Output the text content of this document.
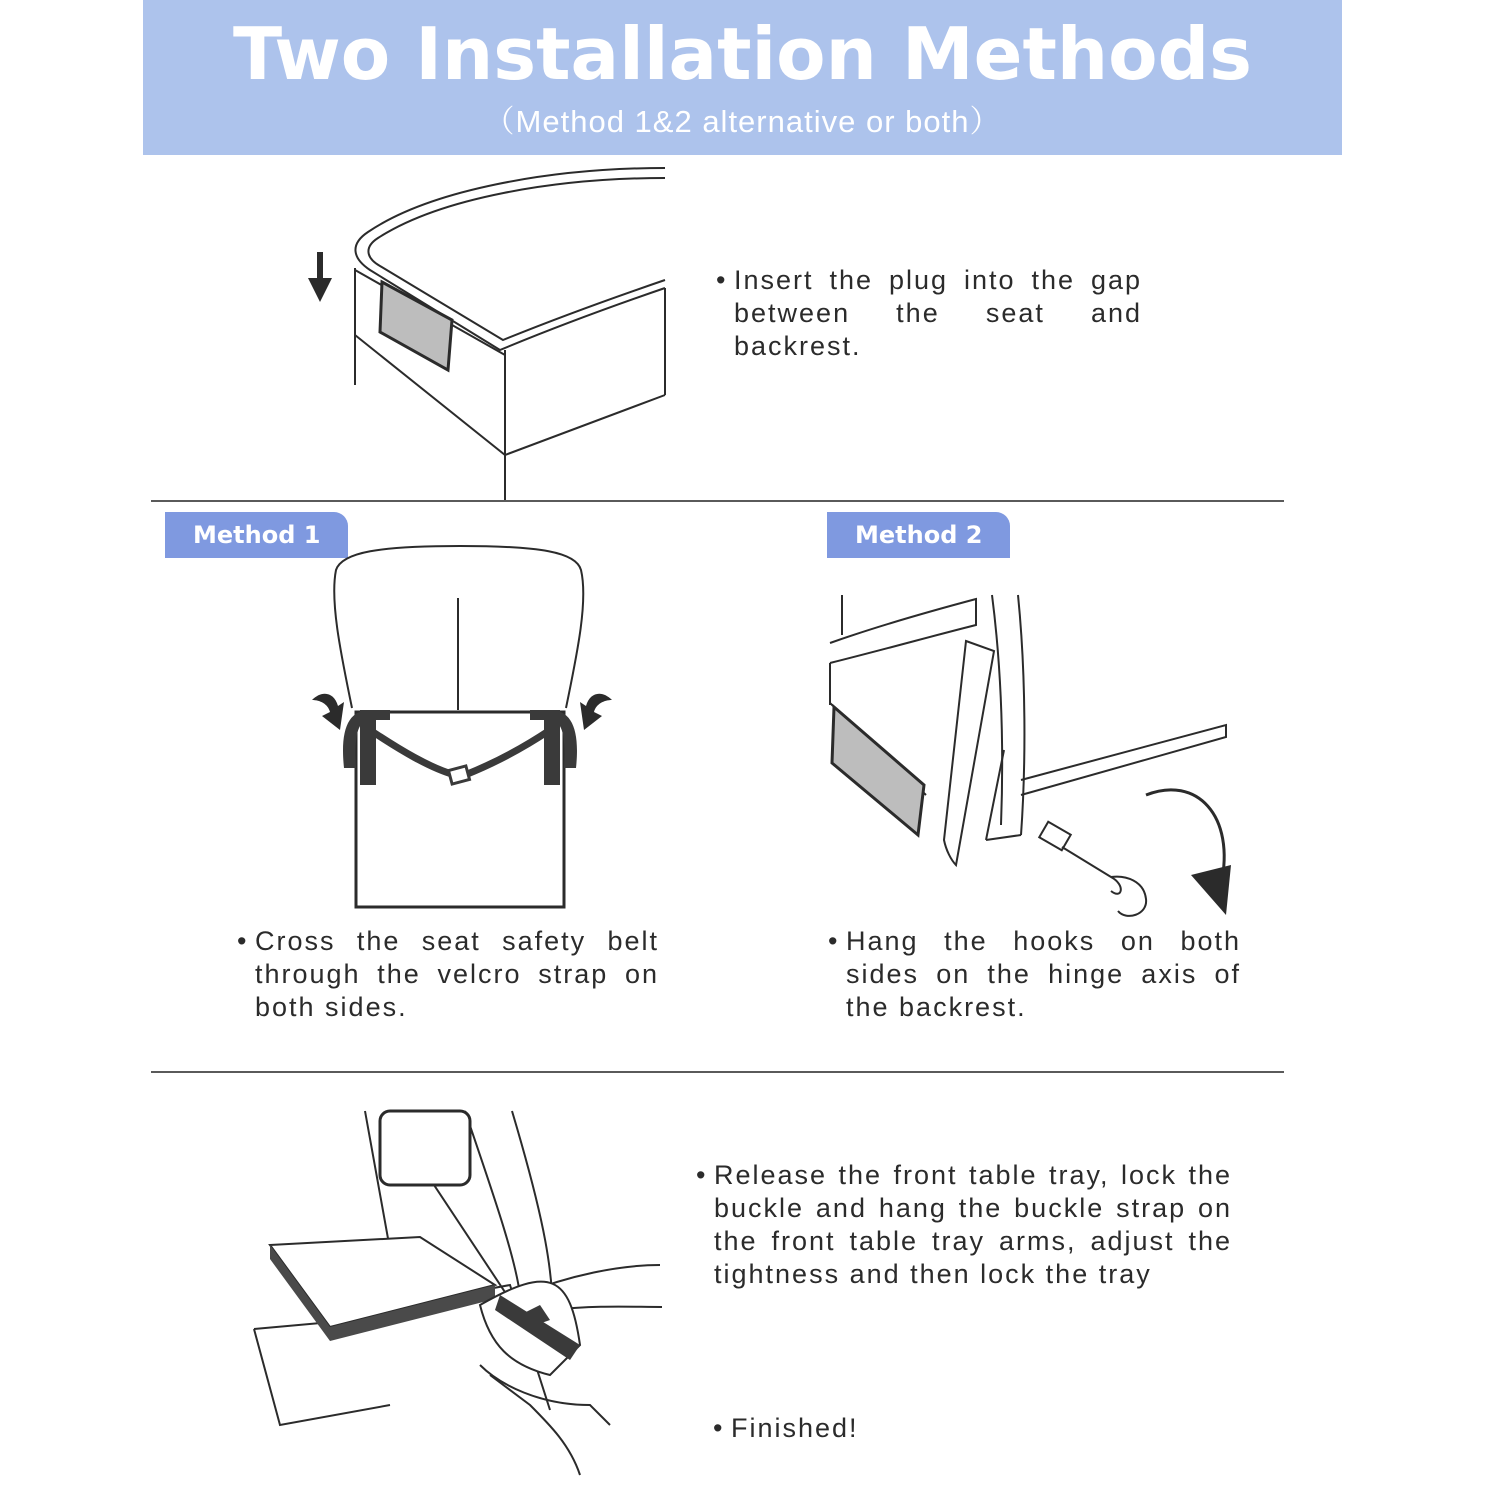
Two Installation Methods
（Method 1&2 alternative or both）
• Insert the plug into the gap between the seat and backrest.
Method 1	Method 2
• Cross the seat safety belt through the velcro strap on both sides.
• Hang the hooks on both sides on the hinge axis of the backrest.
• Release the front table tray, lock the buckle and hang the buckle strap on the front table tray arms, adjust the tightness and then lock the tray
• Finished!
